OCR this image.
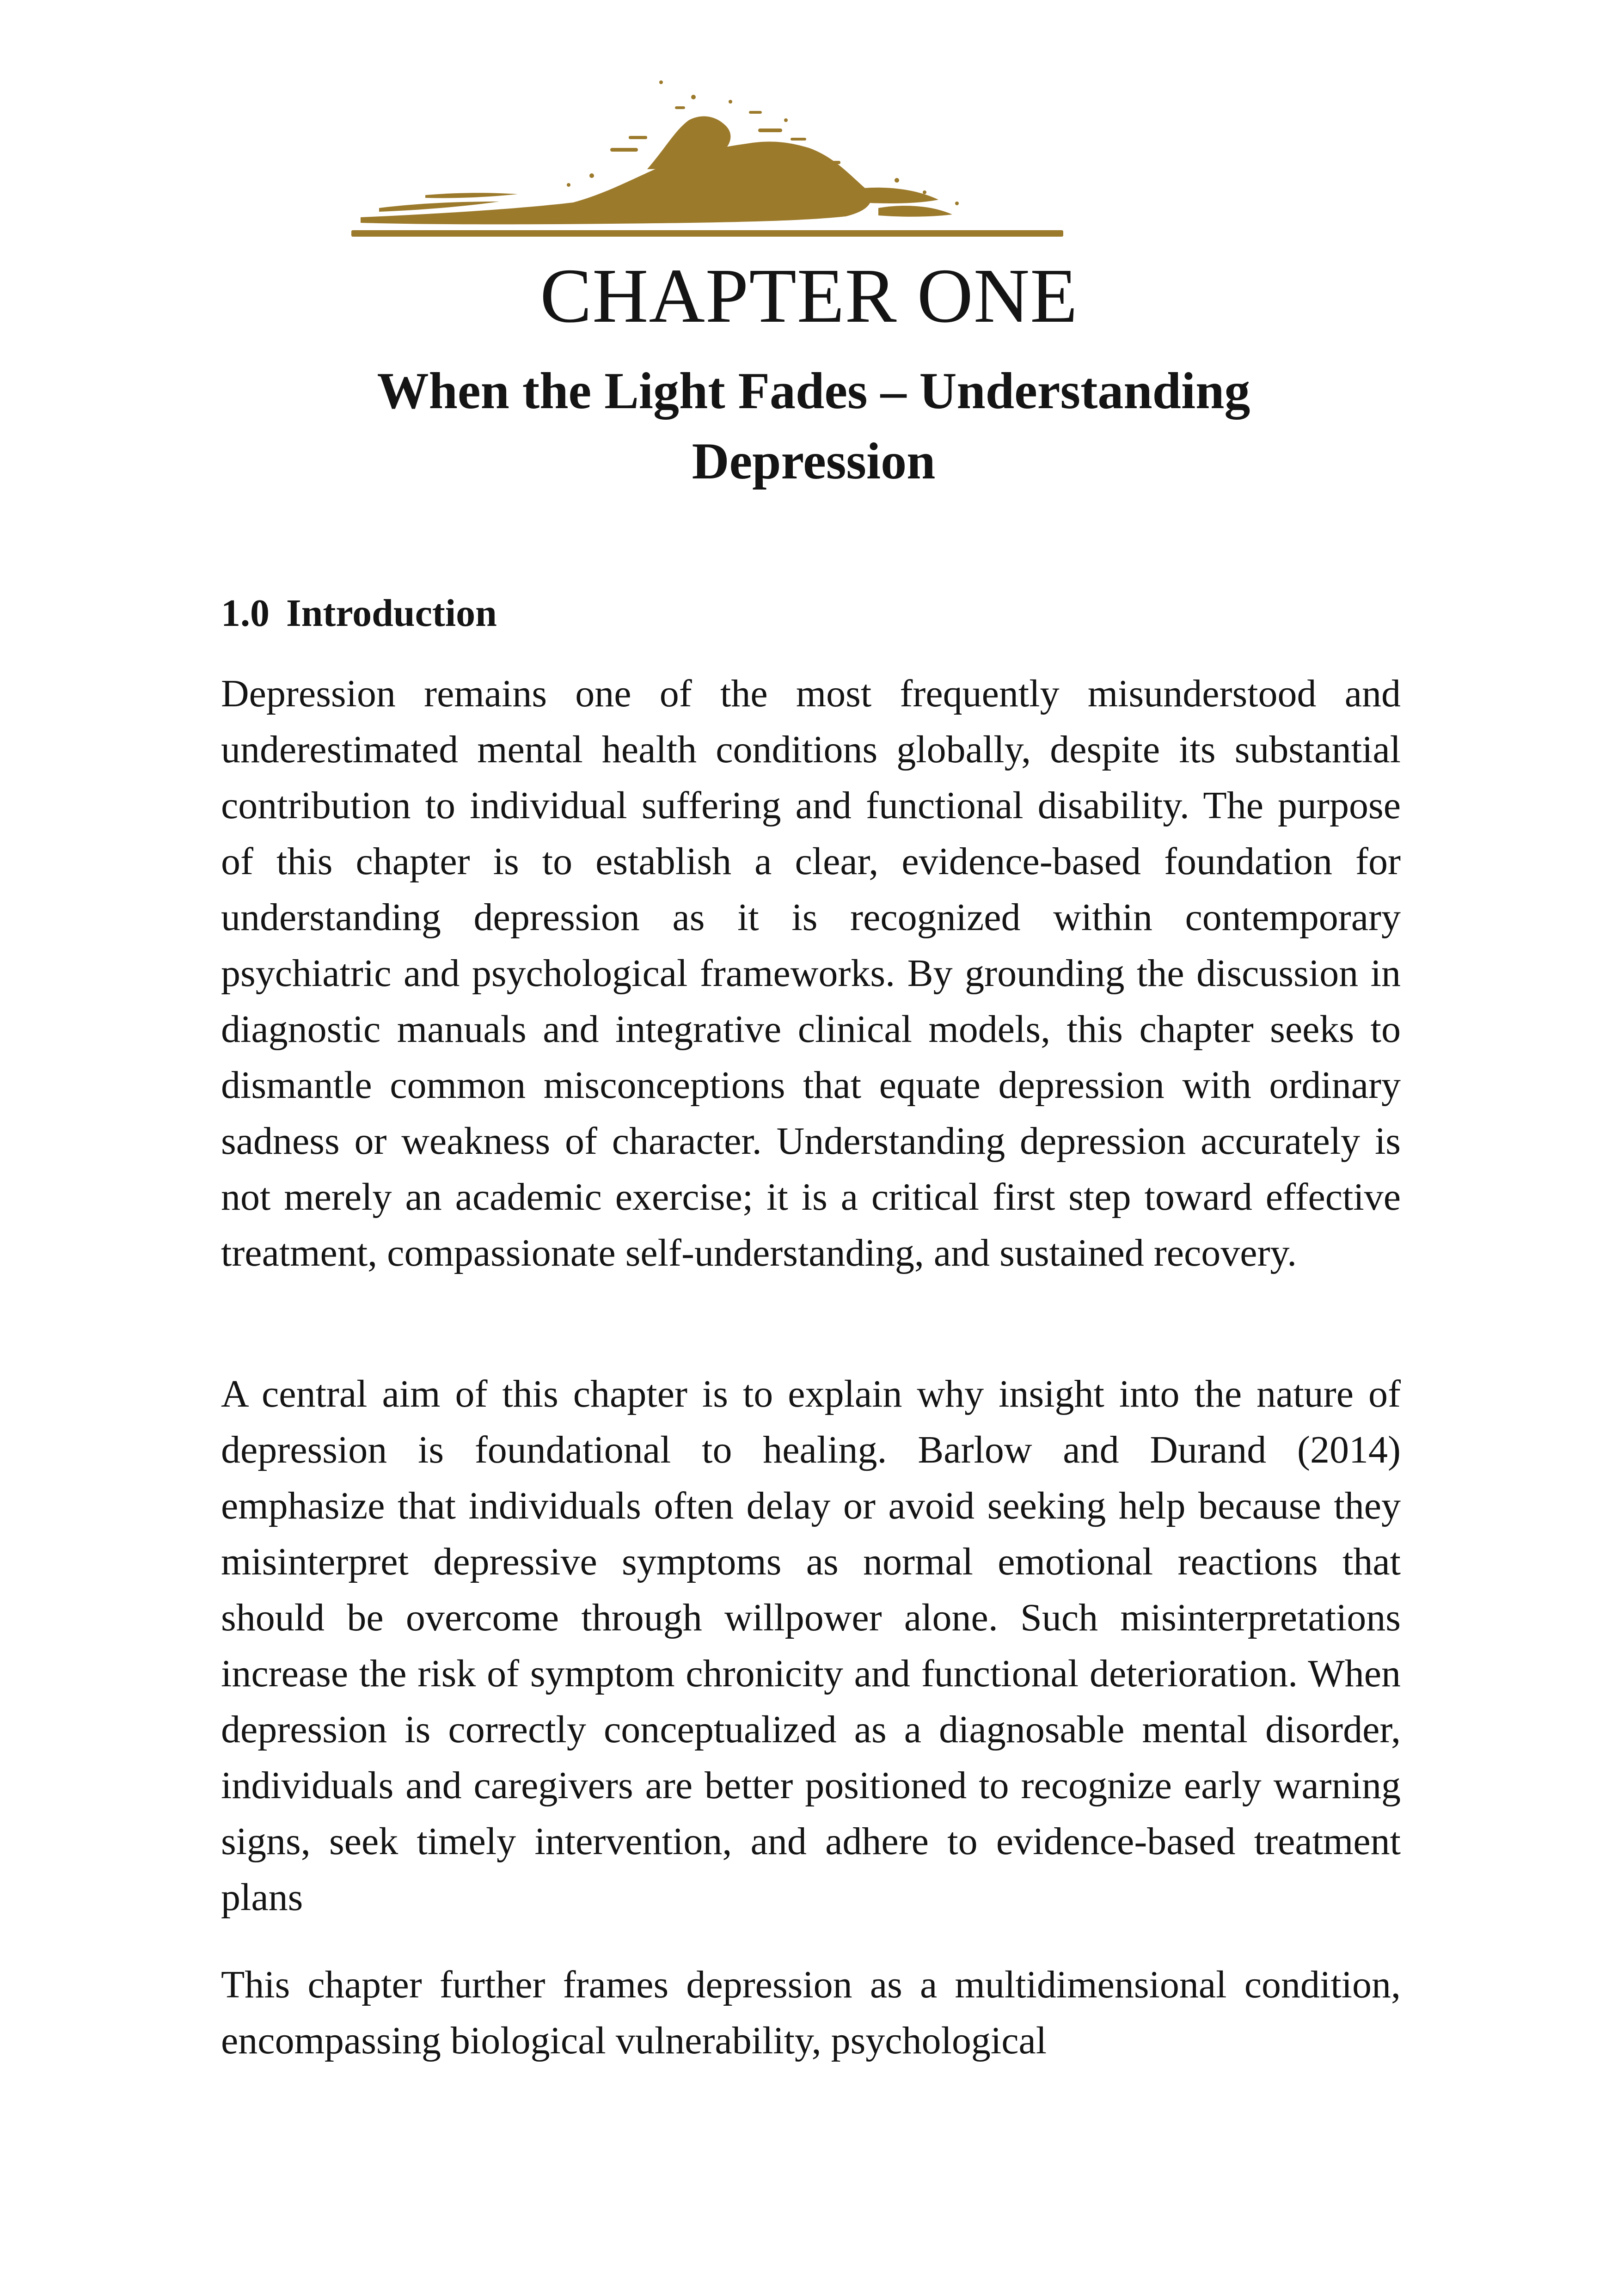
CHAPTER ONE
When the Light Fades – Understanding Depression
1.0 Introduction

Depression remains one of the most frequently misunderstood and underestimated mental health conditions globally, despite its substantial contribution to individual suffering and functional disability. The purpose of this chapter is to establish a clear, evidence-based foundation for understanding depression as it is recognized within contemporary psychiatric and psychological frameworks. By grounding the discussion in diagnostic manuals and integrative clinical models, this chapter seeks to dismantle common misconceptions that equate depression with ordinary sadness or weakness of character. Understanding depression accurately is not merely an academic exercise; it is a critical first step toward effective treatment, compassionate self-understanding, and sustained recovery.

A central aim of this chapter is to explain why insight into the nature of depression is foundational to healing. Barlow and Durand (2014) emphasize that individuals often delay or avoid seeking help because they misinterpret depressive symptoms as normal emotional reactions that should be overcome through willpower alone. Such misinterpretations increase the risk of symptom chronicity and functional deterioration. When depression is correctly conceptualized as a diagnosable mental disorder, individuals and caregivers are better positioned to recognize early warning signs, seek timely intervention, and adhere to evidence-based treatment plans

This chapter further frames depression as a multidimensional condition, encompassing biological vulnerability, psychological
